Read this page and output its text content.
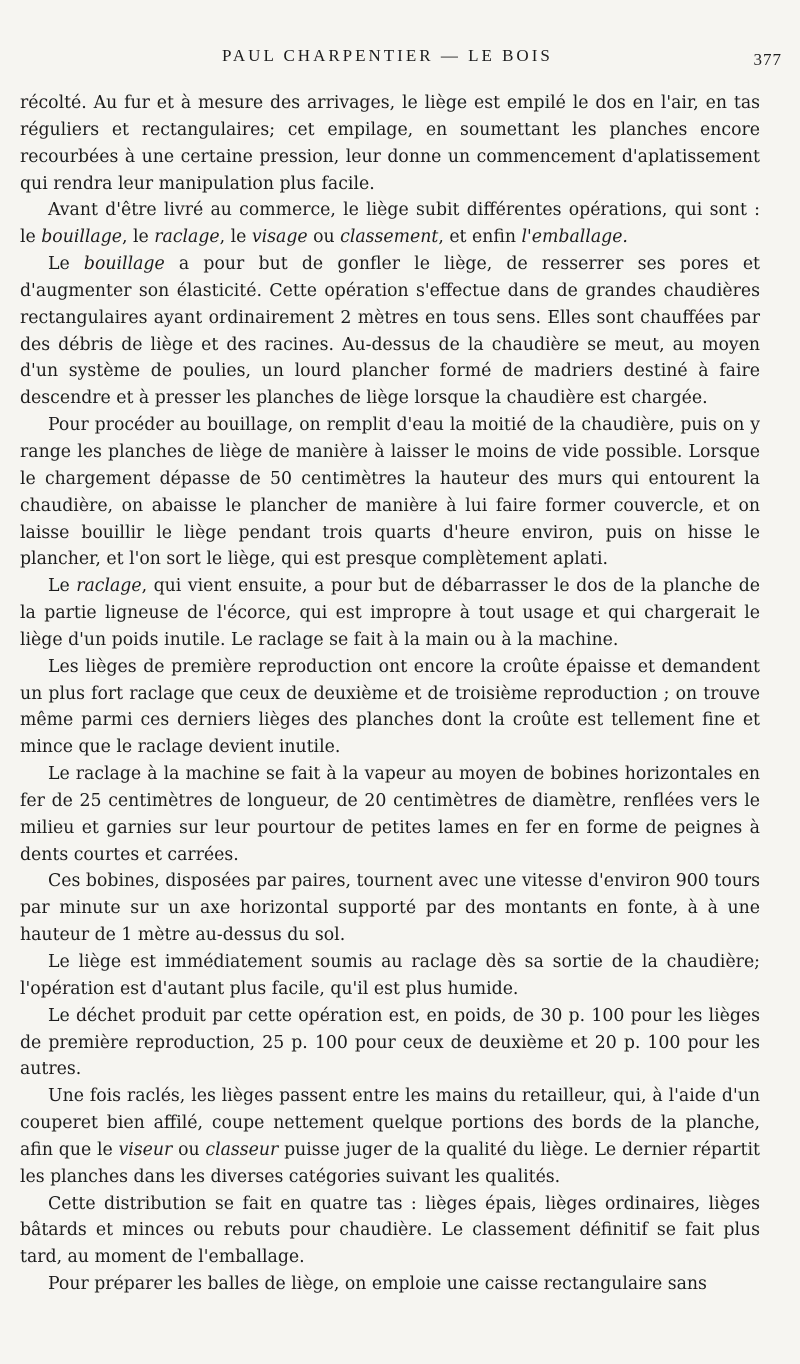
PAUL CHARPENTIER — LE BOIS	377

récolté. Au fur et à mesure des arrivages, le liège est empilé le dos en l'air, en tas réguliers et rectangulaires; cet empilage, en soumettant les planches encore recourbées à une certaine pression, leur donne un commencement d'aplatissement qui rendra leur manipulation plus facile.

Avant d'être livré au commerce, le liège subit différentes opérations, qui sont : le bouillage, le raclage, le visage ou classement, et enfin l'emballage.

Le bouillage a pour but de gonfler le liège, de resserrer ses pores et d'augmenter son élasticité. Cette opération s'effectue dans de grandes chaudières rectangulaires ayant ordinairement 2 mètres en tous sens. Elles sont chauffées par des débris de liège et des racines. Au-dessus de la chaudière se meut, au moyen d'un système de poulies, un lourd plancher formé de madriers destiné à faire descendre et à presser les planches de liège lorsque la chaudière est chargée.

Pour procéder au bouillage, on remplit d'eau la moitié de la chaudière, puis on y range les planches de liège de manière à laisser le moins de vide possible. Lorsque le chargement dépasse de 50 centimètres la hauteur des murs qui entourent la chaudière, on abaisse le plancher de manière à lui faire former couvercle, et on laisse bouillir le liège pendant trois quarts d'heure environ, puis on hisse le plancher, et l'on sort le liège, qui est presque complètement aplati.

Le raclage, qui vient ensuite, a pour but de débarrasser le dos de la planche de la partie ligneuse de l'écorce, qui est impropre à tout usage et qui chargerait le liège d'un poids inutile. Le raclage se fait à la main ou à la machine.

Les lièges de première reproduction ont encore la croûte épaisse et demandent un plus fort raclage que ceux de deuxième et de troisième reproduction ; on trouve même parmi ces derniers lièges des planches dont la croûte est tellement fine et mince que le raclage devient inutile.

Le raclage à la machine se fait à la vapeur au moyen de bobines horizontales en fer de 25 centimètres de longueur, de 20 centimètres de diamètre, renflées vers le milieu et garnies sur leur pourtour de petites lames en fer en forme de peignes à dents courtes et carrées.

Ces bobines, disposées par paires, tournent avec une vitesse d'environ 900 tours par minute sur un axe horizontal supporté par des montants en fonte, à à une hauteur de 1 mètre au-dessus du sol.

Le liège est immédiatement soumis au raclage dès sa sortie de la chaudière; l'opération est d'autant plus facile, qu'il est plus humide.

Le déchet produit par cette opération est, en poids, de 30 p. 100 pour les lièges de première reproduction, 25 p. 100 pour ceux de deuxième et 20 p. 100 pour les autres.

Une fois raclés, les lièges passent entre les mains du retailleur, qui, à l'aide d'un couperet bien affilé, coupe nettement quelque portions des bords de la planche, afin que le viseur ou classeur puisse juger de la qualité du liège. Le dernier répartit les planches dans les diverses catégories suivant les qualités.

Cette distribution se fait en quatre tas : lièges épais, lièges ordinaires, lièges bâtards et minces ou rebuts pour chaudière. Le classement définitif se fait plus tard, au moment de l'emballage.

Pour préparer les balles de liège, on emploie une caisse rectangulaire sans
